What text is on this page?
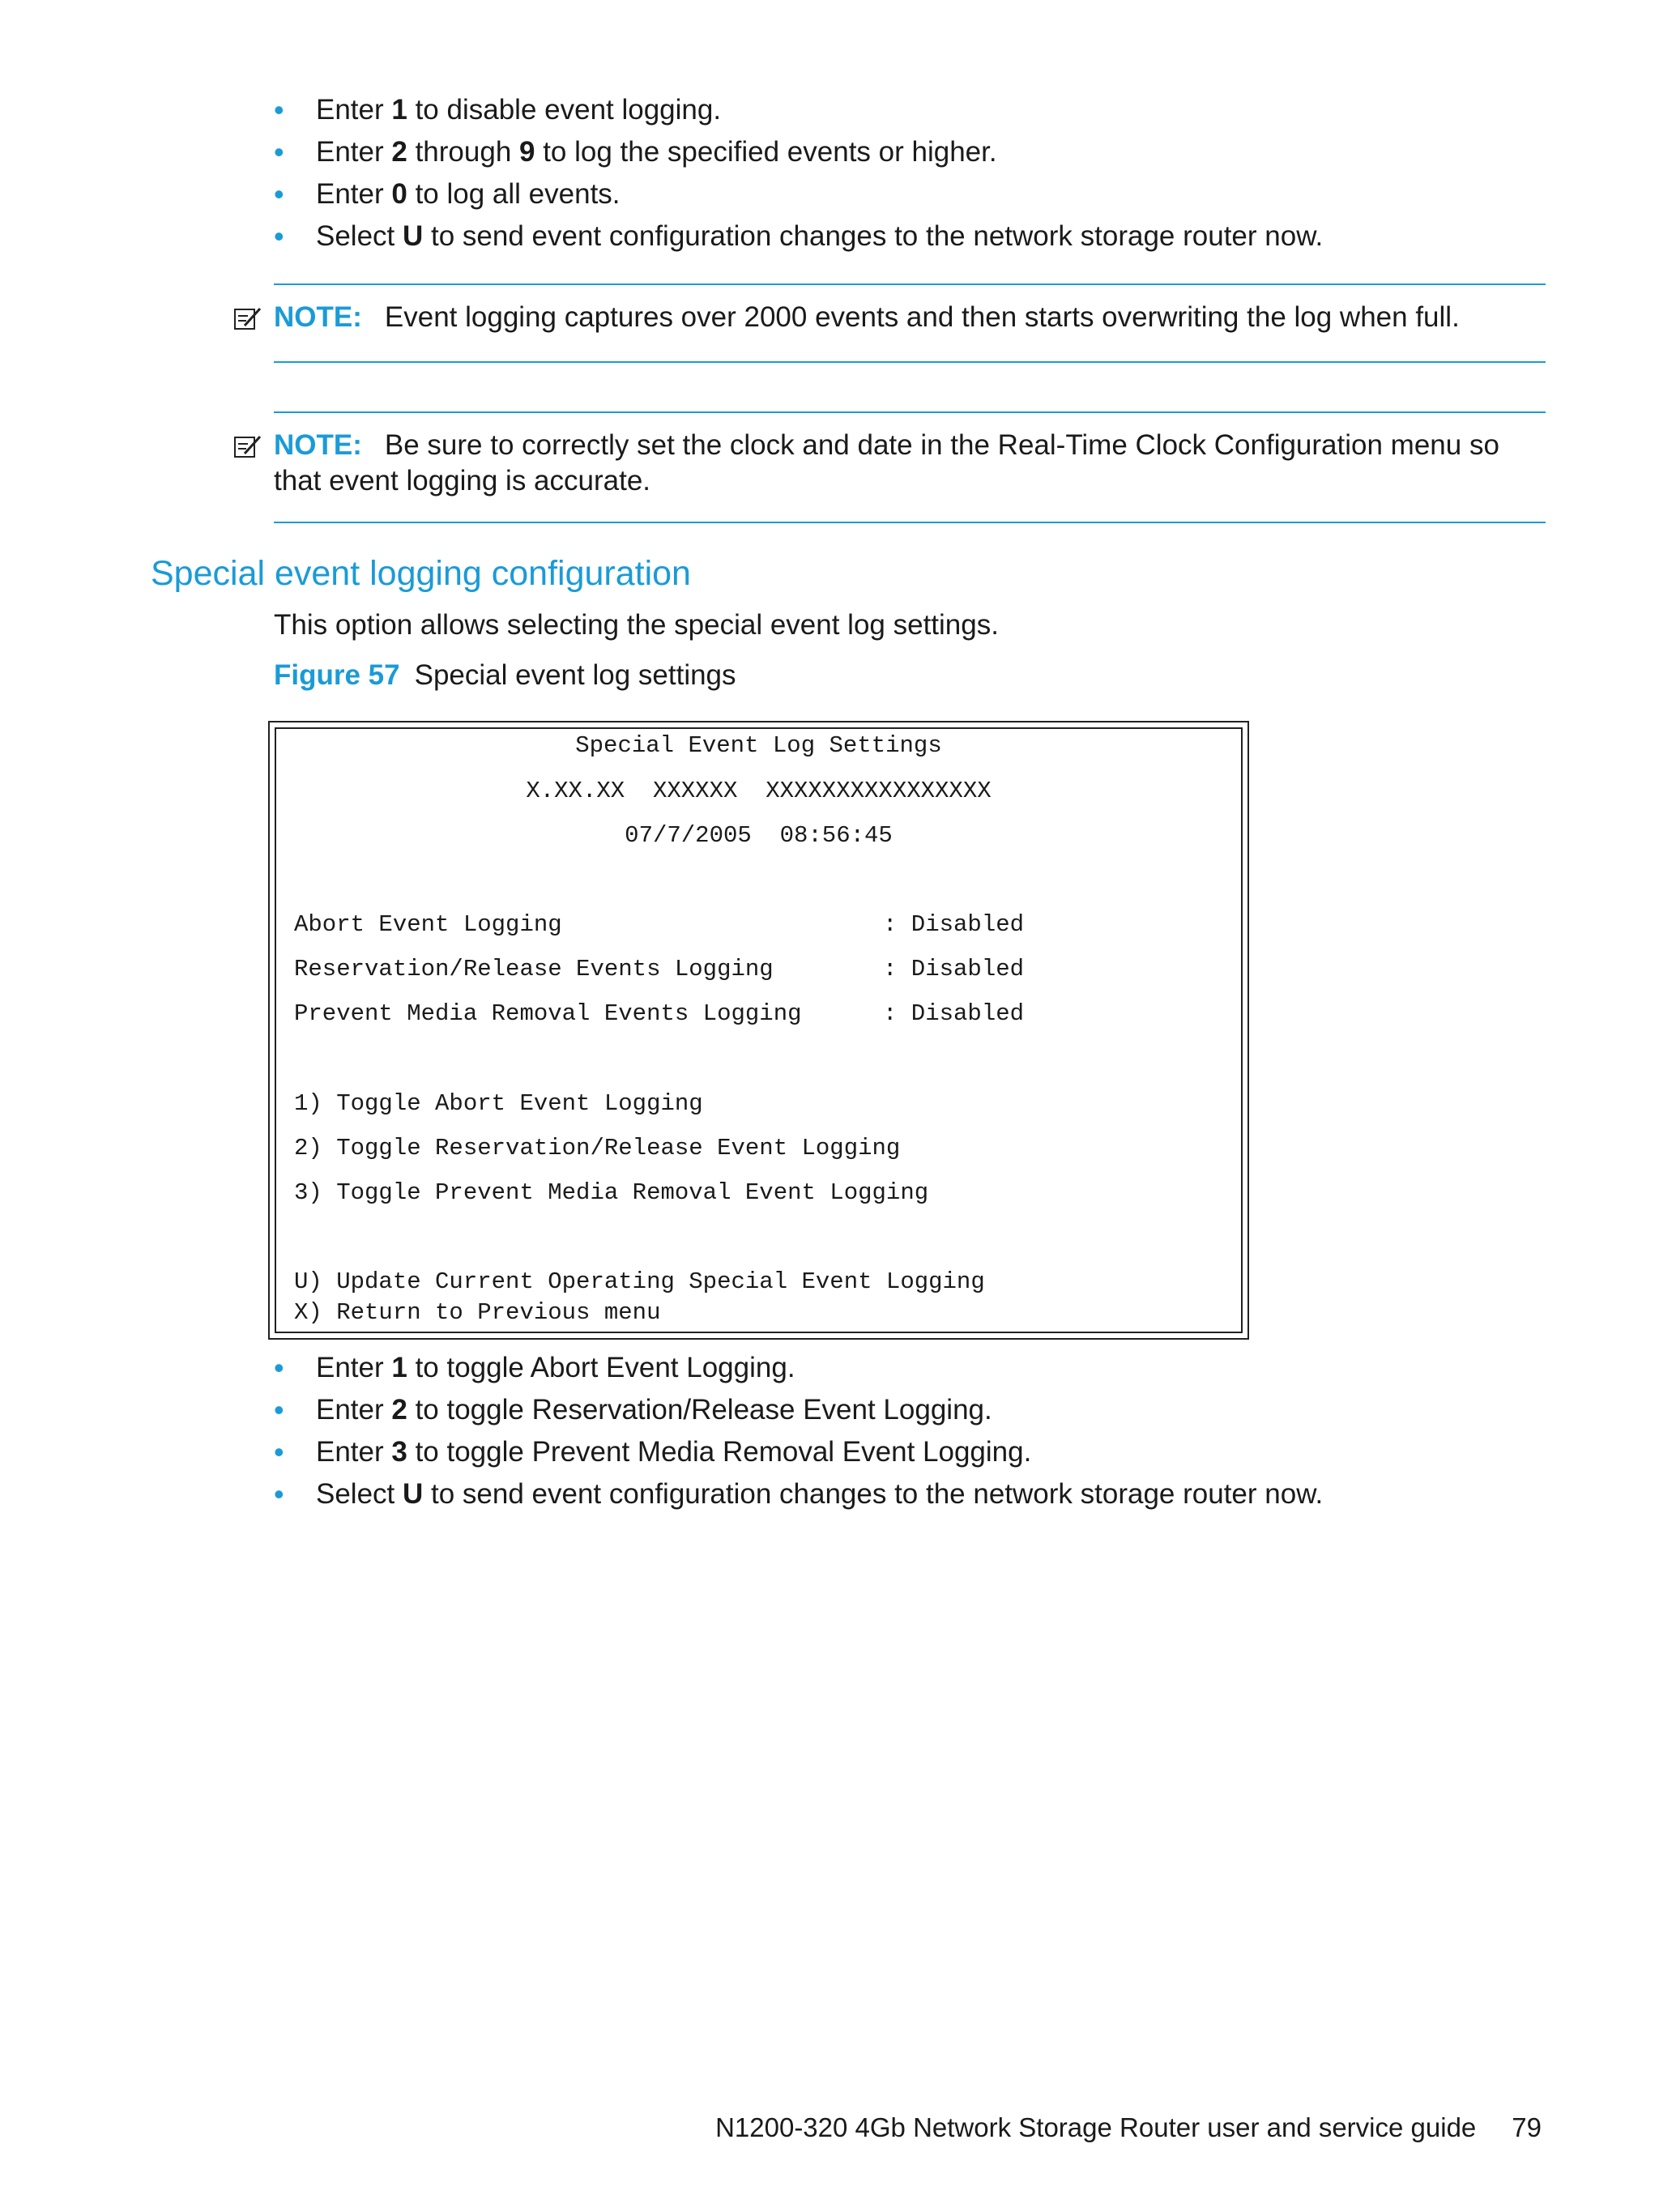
• Enter 1 to disable event logging.
• Enter 2 through 9 to log the specified events or higher.
• Enter 0 to log all events.
• Select U to send event configuration changes to the network storage router now.
NOTE: Event logging captures over 2000 events and then starts overwriting the log when full.
NOTE: Be sure to correctly set the clock and date in the Real-Time Clock Configuration menu so that event logging is accurate.
Special event logging configuration
This option allows selecting the special event log settings.
Figure 57 Special event log settings
Special Event Log Settings
X.XX.XX  XXXXXX  XXXXXXXXXXXXXXXX
07/7/2005  08:56:45
Abort Event Logging	: Disabled
Reservation/Release Events Logging	: Disabled
Prevent Media Removal Events Logging	: Disabled
1) Toggle Abort Event Logging
2) Toggle Reservation/Release Event Logging
3) Toggle Prevent Media Removal Event Logging
U) Update Current Operating Special Event Logging
X) Return to Previous menu
• Enter 1 to toggle Abort Event Logging.
• Enter 2 to toggle Reservation/Release Event Logging.
• Enter 3 to toggle Prevent Media Removal Event Logging.
• Select U to send event configuration changes to the network storage router now.
N1200-320 4Gb Network Storage Router user and service guide 79
